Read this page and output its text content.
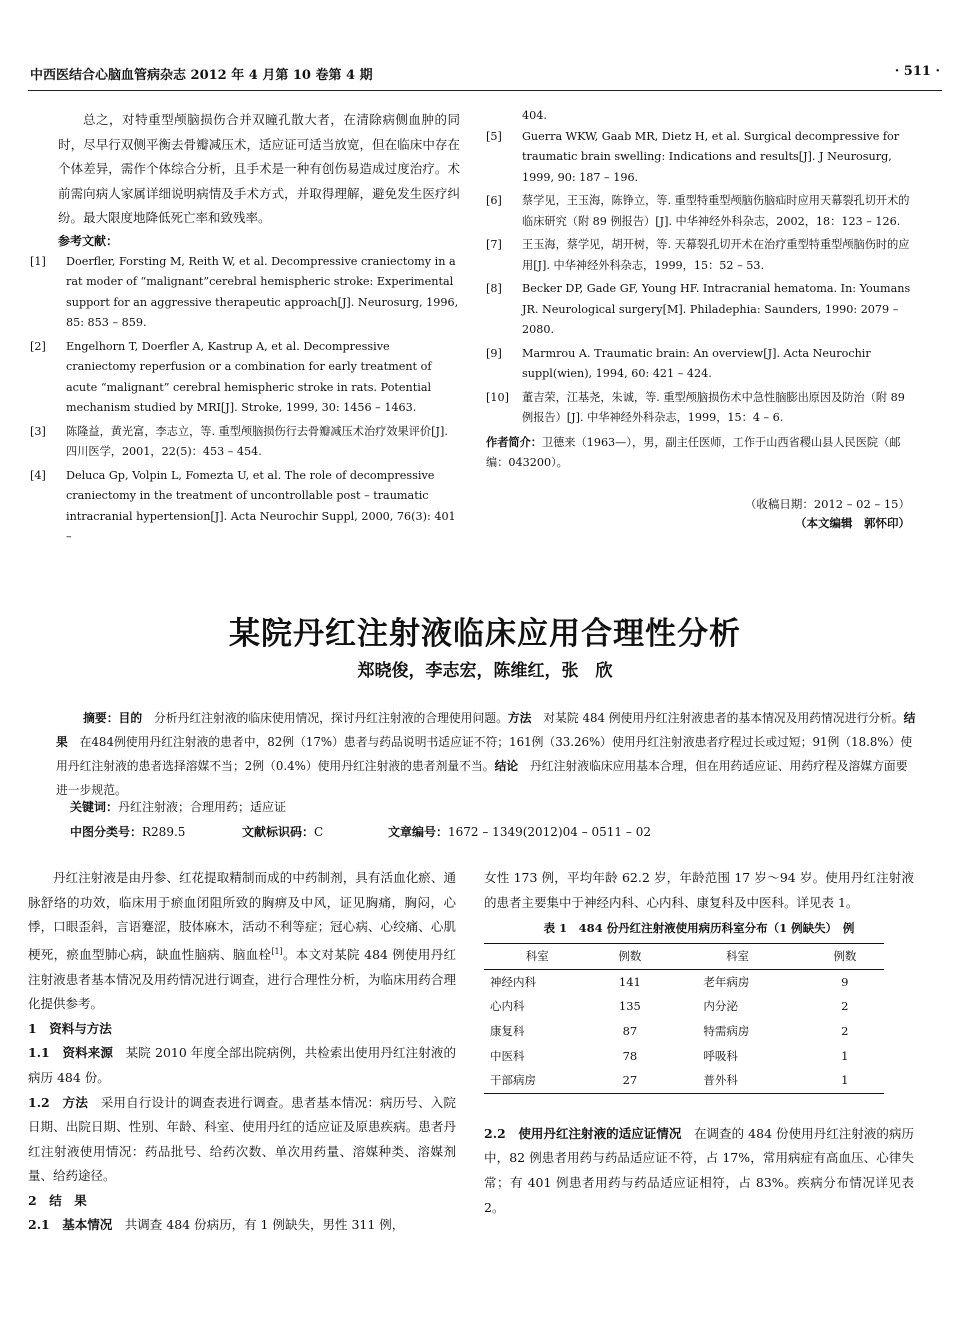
中西医结合心脑血管病杂志 2012 年 4 月第 10 卷第 4 期	· 511 ·

总之，对特重型颅脑损伤合并双瞳孔散大者，在清除病侧血肿的同时，尽早行双侧平衡去骨瓣减压术，适应证可适当放宽，但在临床中存在个体差异，需作个体综合分析，且手术是一种有创伤易造成过度治疗。术前需向病人家属详细说明病情及手术方式，并取得理解，避免发生医疗纠纷。最大限度地降低死亡率和致残率。

参考文献：

[1] Doerfler, Forsting M, Reith W, et al. Decompressive craniectomy in a rat moder of “malignant”cerebral hemispheric stroke: Experimental support for an aggressive therapeutic approach[J]. Neurosurg, 1996, 85: 853 – 859.
[2] Engelhorn T, Doerfler A, Kastrup A, et al. Decompressive craniectomy reperfusion or a combination for early treatment of acute “malignant” cerebral hemispheric stroke in rats. Potential mechanism studied by MRI[J]. Stroke, 1999, 30: 1456 – 1463.
[3] 陈隆益，黄光富，李志立，等. 重型颅脑损伤行去骨瓣减压术治疗效果评价[J]. 四川医学，2001，22(5)：453 – 454.
[4] Deluca Gp, Volpin L, Fomezta U, et al. The role of decompressive craniectomy in the treatment of uncontrollable post – traumatic intracranial hypertension[J]. Acta Neurochir Suppl, 2000, 76(3): 401 –
404.
[5] Guerra WKW, Gaab MR, Dietz H, et al. Surgical decompressive for traumatic brain swelling: Indications and results[J]. J Neurosurg, 1999, 90: 187 – 196.
[6] 蔡学见，王玉海，陈铮立，等. 重型特重型颅脑伤脑疝时应用天幕裂孔切开术的临床研究（附 89 例报告）[J]. 中华神经外科杂志，2002，18：123 – 126.
[7] 王玉海，蔡学见，胡开树，等. 天幕裂孔切开术在治疗重型特重型颅脑伤时的应用[J]. 中华神经外科杂志，1999，15：52 – 53.
[8] Becker DP, Gade GF, Young HF. Intracranial hematoma. In: Youmans JR. Neurological surgery[M]. Philadephia: Saunders, 1990: 2079 – 2080.
[9] Marmrou A. Traumatic brain: An overview[J]. Acta Neurochir suppl(wien), 1994, 60: 421 – 424.
[10] 董吉荣，江基尧，朱诚，等. 重型颅脑损伤术中急性脑膨出原因及防治（附 89 例报告）[J]. 中华神经外科杂志，1999，15：4 – 6.

作者简介：卫德来（1963—），男，副主任医师，工作于山西省稷山县人民医院（邮编：043200）。

（收稿日期：2012 – 02 – 15）
（本文编辑　郭怀印）
某院丹红注射液临床应用合理性分析
郑晓俊，李志宏，陈维红，张　欣
摘要：目的　 分析丹红注射液的临床使用情况，探讨丹红注射液的合理使用问题。方法　 对某院 484 例使用丹红注射液患者的基本情况及用药情况进行分析。结果　 在484例使用丹红注射液的患者中，82例（17%）患者与药品说明书适应证不符；161例（33.26%）使用丹红注射液患者疗程过长或过短；91例（18.8%）使用丹红注射液的患者选择溶媒不当；2例（0.4%）使用丹红注射液的患者剂量不当。结论　 丹红注射液临床应用基本合理，但在用药适应证、用药疗程及溶媒方面要进一步规范。
关键词：丹红注射液；合理用药；适应证
中图分类号：R289.5	文献标识码：C	文章编号：1672 – 1349(2012)04 – 0511 – 02

丹红注射液是由丹参、红花提取精制而成的中药制剂，具有活血化瘀、通脉舒络的功效，临床用于瘀血闭阻所致的胸痹及中风，证见胸痛，胸闷，心悸，口眼歪斜，言语蹇涩，肢体麻木，活动不利等症；冠心病、心绞痛、心肌梗死，瘀血型肺心病，缺血性脑病、脑血栓[1]。本文对某院 484 例使用丹红注射液患者基本情况及用药情况进行调查，进行合理性分析，为临床用药合理化提供参考。

1　资料与方法

1.1　资料来源　 某院 2010 年度全部出院病例，共检索出使用丹红注射液的病历 484 份。

1.2　方法　 采用自行设计的调查表进行调查。患者基本情况：病历号、入院日期、出院日期、性别、年龄、科室、使用丹红的适应证及原患疾病。患者丹红注射液使用情况：药品批号、给药次数、单次用药量、溶媒种类、溶媒剂量、给药途径。

2　结　果

2.1　基本情况　 共调查 484 份病历，有 1 例缺失，男性 311 例，

女性 173 例，平均年龄 62.2 岁，年龄范围 17 岁～94 岁。使用丹红注射液的患者主要集中于神经内科、心内科、康复科及中医科。详见表 1。

表 1　 484 份丹红注射液使用病历科室分布（1 例缺失）　例

科室	例数	科室	例数
神经内科	141	老年病房	9
心内科	135	内分泌	2
康复科	87	特需病房	2
中医科	78	呼吸科	1
干部病房	27	普外科	1

2.2　使用丹红注射液的适应证情况　 在调查的 484 份使用丹红注射液的病历中，82 例患者用药与药品适应证不符，占 17%，常用病症有高血压、心律失常；有 401 例患者用药与药品适应证相符，占 83%。疾病分布情况详见表 2。
